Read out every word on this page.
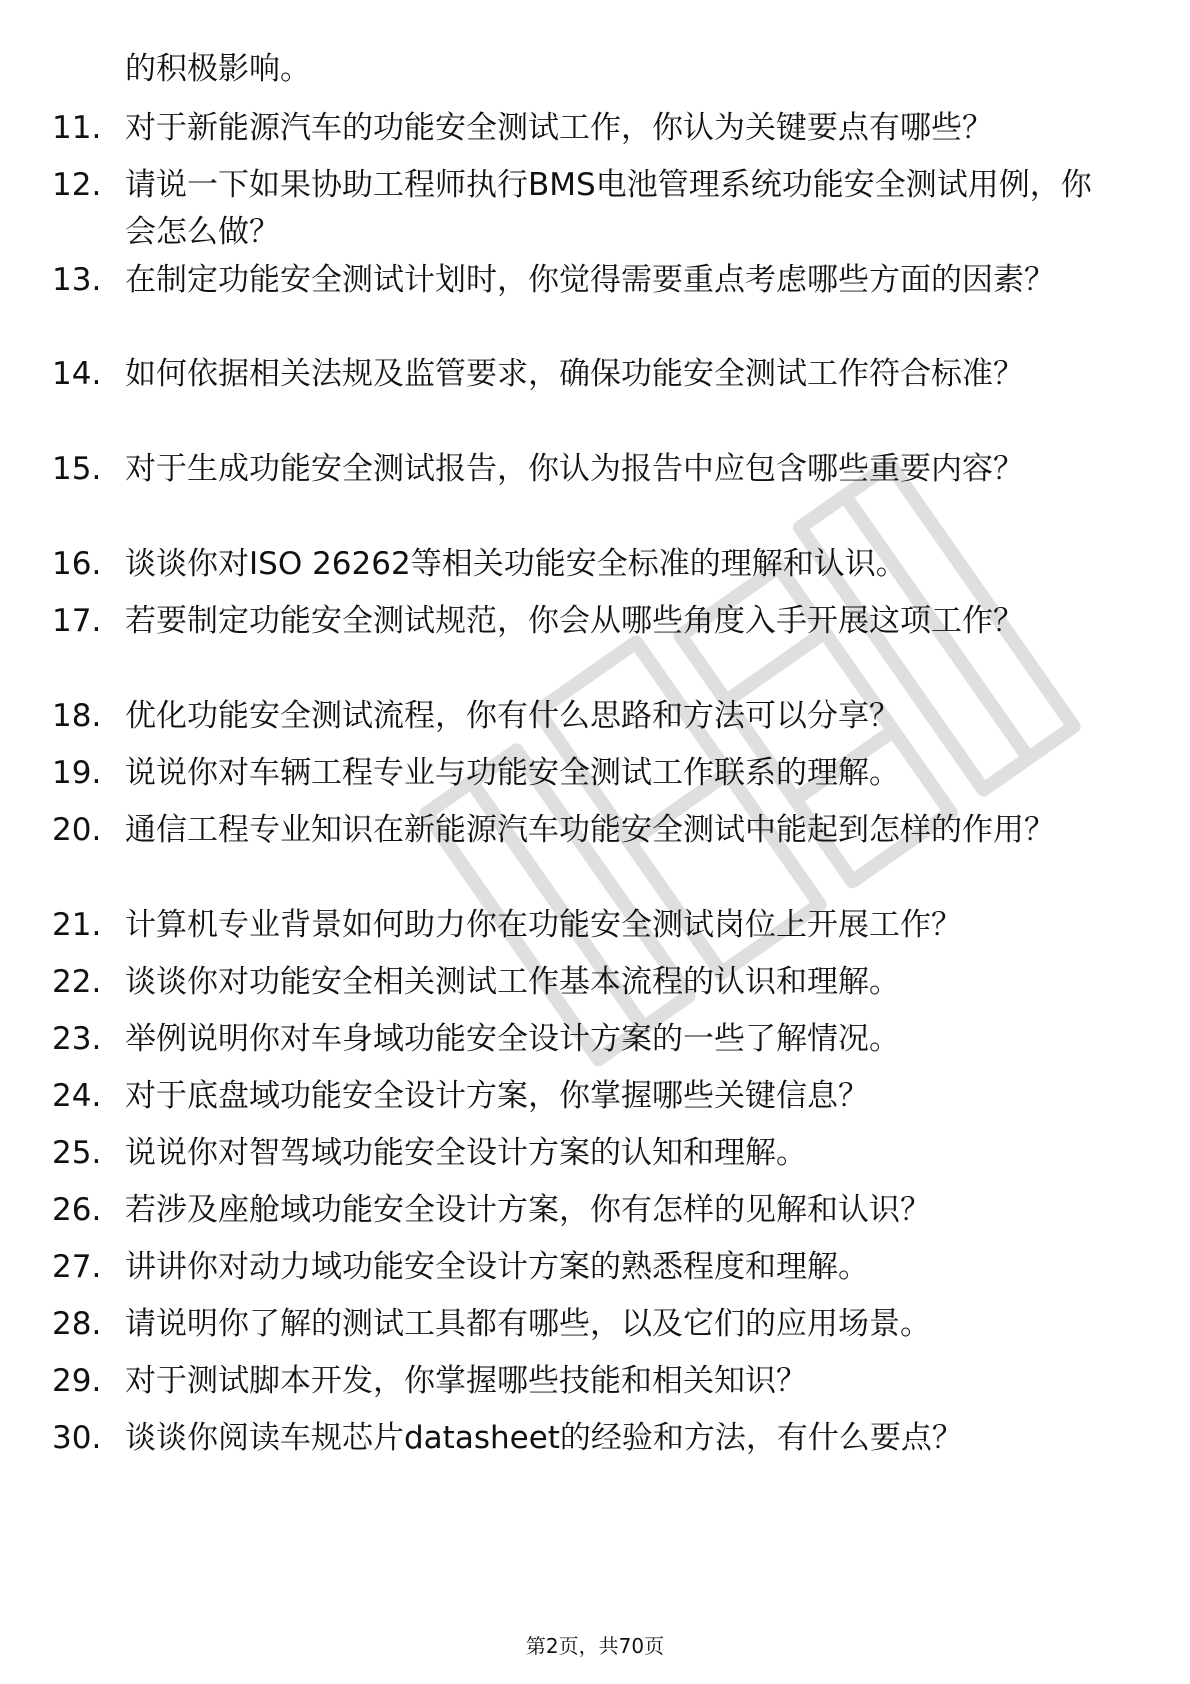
的积极影响。

11. 对于新能源汽车的功能安全测试工作，你认为关键要点有哪些？

12. 请说一下如果协助工程师执行BMS电池管理系统功能安全测试用例，你会怎么做？

13. 在制定功能安全测试计划时，你觉得需要重点考虑哪些方面的因素？

14. 如何依据相关法规及监管要求，确保功能安全测试工作符合标准？

15. 对于生成功能安全测试报告，你认为报告中应包含哪些重要内容？

16. 谈谈你对ISO 26262等相关功能安全标准的理解和认识。

17. 若要制定功能安全测试规范，你会从哪些角度入手开展这项工作？

18. 优化功能安全测试流程，你有什么思路和方法可以分享？

19. 说说你对车辆工程专业与功能安全测试工作联系的理解。

20. 通信工程专业知识在新能源汽车功能安全测试中能起到怎样的作用？

21. 计算机专业背景如何助力你在功能安全测试岗位上开展工作？

22. 谈谈你对功能安全相关测试工作基本流程的认识和理解。

23. 举例说明你对车身域功能安全设计方案的一些了解情况。

24. 对于底盘域功能安全设计方案，你掌握哪些关键信息？

25. 说说你对智驾域功能安全设计方案的认知和理解。

26. 若涉及座舱域功能安全设计方案，你有怎样的见解和认识？

27. 讲讲你对动力域功能安全设计方案的熟悉程度和理解。

28. 请说明你了解的测试工具都有哪些，以及它们的应用场景。

29. 对于测试脚本开发，你掌握哪些技能和相关知识？

30. 谈谈你阅读车规芯片datasheet的经验和方法，有什么要点？

第2页，共70页
